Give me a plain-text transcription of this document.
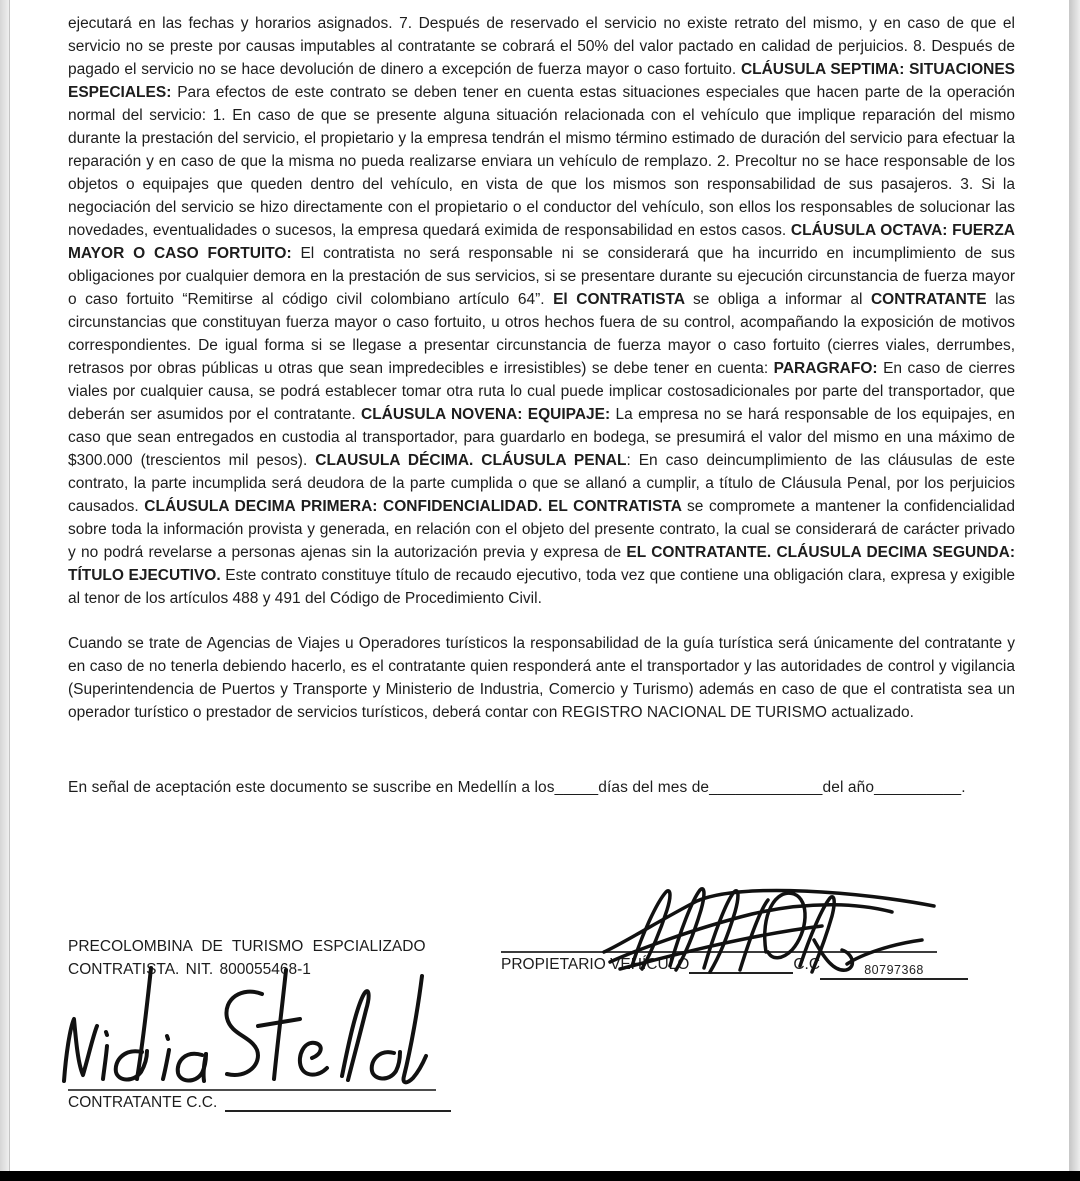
ejecutará en las fechas y horarios asignados. 7. Después de reservado el servicio no existe retrato del mismo, y en caso de que el servicio no se preste por causas imputables al contratante se cobrará el 50% del valor pactado en calidad de perjuicios. 8. Después de pagado el servicio no se hace devolución de dinero a excepción de fuerza mayor o caso fortuito. CLÁUSULA SEPTIMA: SITUACIONES ESPECIALES: Para efectos de este contrato se deben tener en cuenta estas situaciones especiales que hacen parte de la operación normal del servicio: 1. En caso de que se presente alguna situación relacionada con el vehículo que implique reparación del mismo durante la prestación del servicio, el propietario y la empresa tendrán el mismo término estimado de duración del servicio para efectuar la reparación y en caso de que la misma no pueda realizarse enviara un vehículo de remplazo. 2. Precoltur no se hace responsable de los objetos o equipajes que queden dentro del vehículo, en vista de que los mismos son responsabilidad de sus pasajeros. 3. Si la negociación del servicio se hizo directamente con el propietario o el conductor del vehículo, son ellos los responsables de solucionar las novedades, eventualidades o sucesos, la empresa quedará eximida de responsabilidad en estos casos. CLÁUSULA OCTAVA: FUERZA MAYOR O CASO FORTUITO: El contratista no será responsable ni se considerará que ha incurrido en incumplimiento de sus obligaciones por cualquier demora en la prestación de sus servicios, si se presentare durante su ejecución circunstancia de fuerza mayor o caso fortuito “Remitirse al código civil colombiano artículo 64”. El CONTRATISTA se obliga a informar al CONTRATANTE las circunstancias que constituyan fuerza mayor o caso fortuito, u otros hechos fuera de su control, acompañando la exposición de motivos correspondientes. De igual forma si se llegase a presentar circunstancia de fuerza mayor o caso fortuito (cierres viales, derrumbes, retrasos por obras públicas u otras que sean impredecibles e irresistibles) se debe tener en cuenta: PARAGRAFO: En caso de cierres viales por cualquier causa, se podrá establecer tomar otra ruta lo cual puede implicar costosadicionales por parte del transportador, que deberán ser asumidos por el contratante. CLÁUSULA NOVENA: EQUIPAJE: La empresa no se hará responsable de los equipajes, en caso que sean entregados en custodia al transportador, para guardarlo en bodega, se presumirá el valor del mismo en una máximo de $300.000 (trescientos mil pesos). CLAUSULA DÉCIMA. CLÁUSULA PENAL: En caso deincumplimiento de las cláusulas de este contrato, la parte incumplida será deudora de la parte cumplida o que se allanó a cumplir, a título de Cláusula Penal, por los perjuicios causados. CLÁUSULA DECIMA PRIMERA: CONFIDENCIALIDAD. EL CONTRATISTA se compromete a mantener la confidencialidad sobre toda la información provista y generada, en relación con el objeto del presente contrato, la cual se considerará de carácter privado y no podrá revelarse a personas ajenas sin la autorización previa y expresa de EL CONTRATANTE. CLÁUSULA DECIMA SEGUNDA: TÍTULO EJECUTIVO. Este contrato constituye título de recaudo ejecutivo, toda vez que contiene una obligación clara, expresa y exigible al tenor de los artículos 488 y 491 del Código de Procedimiento Civil.

Cuando se trate de Agencias de Viajes u Operadores turísticos la responsabilidad de la guía turística será únicamente del contratante y en caso de no tenerla debiendo hacerlo, es el contratante quien responderá ante el transportador y las autoridades de control y vigilancia (Superintendencia de Puertos y Transporte y Ministerio de Industria, Comercio y Turismo) además en caso de que el contratista sea un operador turístico o prestador de servicios turísticos, deberá contar con REGISTRO NACIONAL DE TURISMO actualizado.

En señal de aceptación este documento se suscribe en Medellín a los_____días del mes de_____________del año__________.

PRECOLOMBINA DE TURISMO ESPCIALIZADO
CONTRATISTA. NIT. 800055468-1
CONTRATANTE C.C.
PROPIETARIO VEHÍCULO	C.C	80797368
